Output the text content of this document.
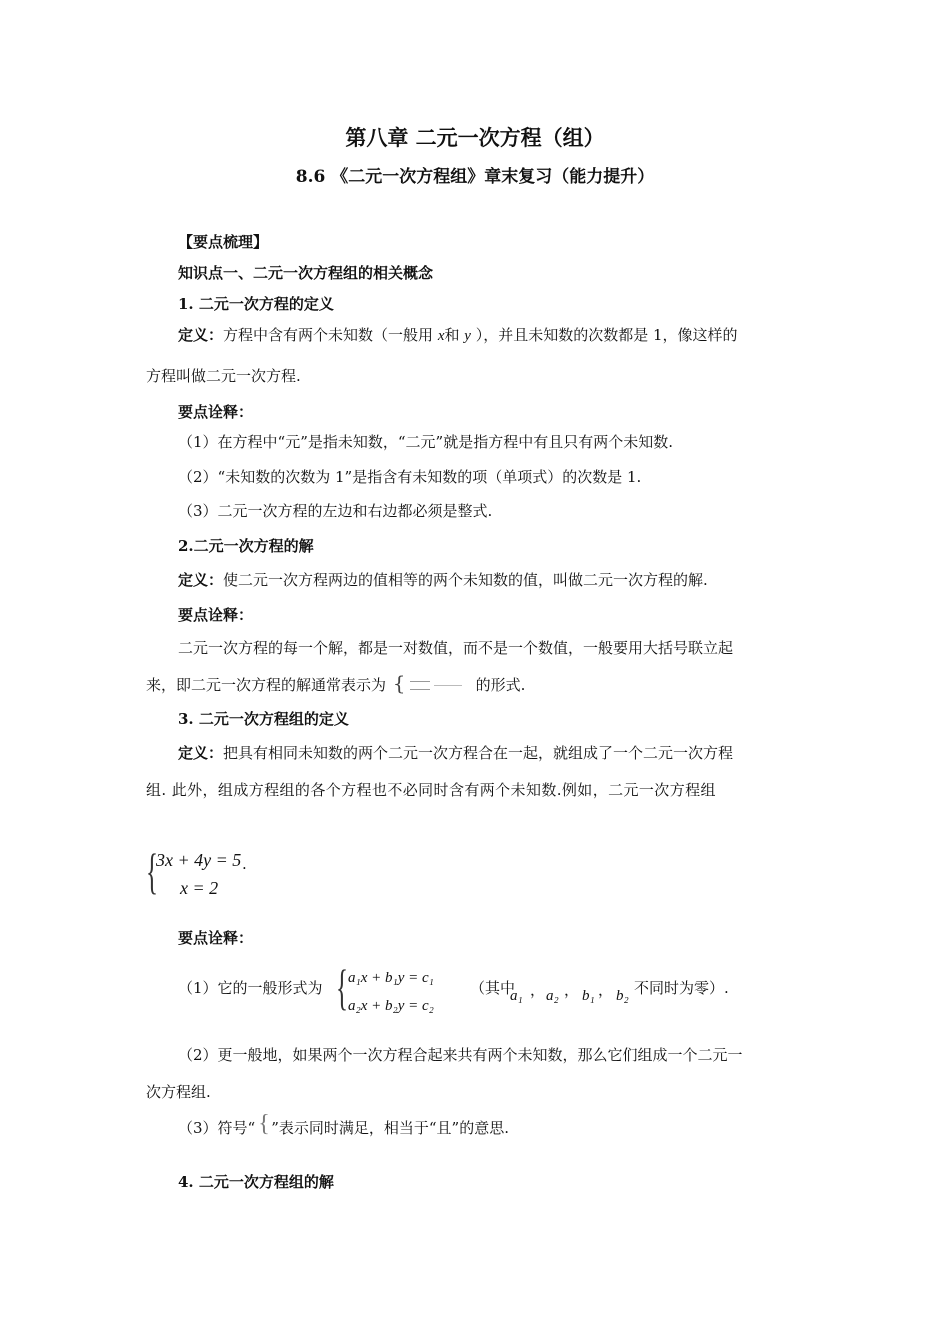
第八章 二元一次方程（组）
8.6 《二元一次方程组》章末复习（能力提升）
【要点梳理】
知识点一、二元一次方程组的相关概念
1. 二元一次方程的定义
定义：方程中含有两个未知数（一般用 x和 y ），并且未知数的次数都是 1，像这样的
方程叫做二元一次方程.
要点诠释：
（1）在方程中“元”是指未知数，“二元”就是指方程中有且只有两个未知数.
（2）“未知数的次数为 1”是指含有未知数的项（单项式）的次数是 1.
（3）二元一次方程的左边和右边都必须是整式.
2.二元一次方程的解
定义：使二元一次方程两边的值相等的两个未知数的值，叫做二元一次方程的解.
要点诠释：
二元一次方程的每一个解，都是一对数值，而不是一个数值，一般要用大括号联立起
来，即二元一次方程的解通常表示为 {	的形式.
3. 二元一次方程组的定义
定义：把具有相同未知数的两个二元一次方程合在一起，就组成了一个二元一次方程
组. 此外，组成方程组的各个方程也不必同时含有两个未知数.例如，二元一次方程组
{
3x + 4y = 5
x = 2
.
要点诠释：
（1）它的一般形式为 { a₁x + b₁y = c₁
a₂x + b₂y = c₂
（其中
a₁ ， a₂ ， b₁ ， b₂ 不同时为零）.
（2）更一般地，如果两个一次方程合起来共有两个未知数，那么它们组成一个二元一
次方程组.
（3）符号“ { ”表示同时满足，相当于“且”的意思.
4. 二元一次方程组的解
